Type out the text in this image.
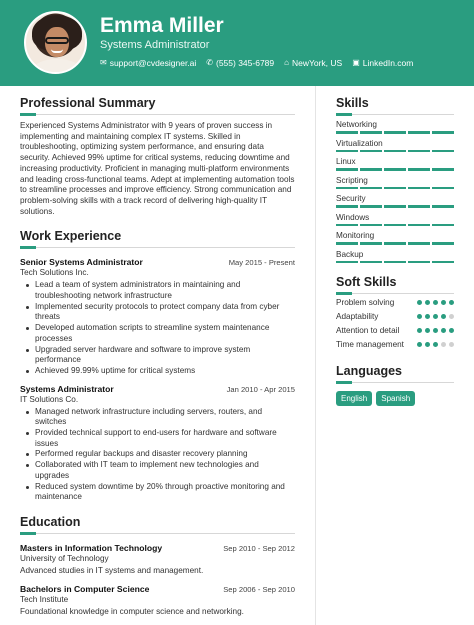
Emma Miller
Systems Administrator
✉ support@cvdesigner.ai ✆ (555) 345-6789 ⌂ NewYork, US ▣ LinkedIn.com
Professional Summary

Experienced Systems Administrator with 9 years of proven success in implementing and maintaining complex IT systems. Skilled in troubleshooting, optimizing system performance, and ensuring data security. Achieved 99% uptime for critical systems, reducing downtime and increasing productivity. Proficient in managing multi-platform environments and leading cross-functional teams. Adept at implementing automation tools to streamline processes and improve efficiency. Strong communication and problem-solving skills with a track record of delivering high-quality IT solutions.

Work Experience
Senior Systems Administrator	May 2015 - Present
Tech Solutions Inc.
Lead a team of system administrators in maintaining and troubleshooting network infrastructure
Implemented security protocols to protect company data from cyber threats
Developed automation scripts to streamline system maintenance processes
Upgraded server hardware and software to improve system performance
Achieved 99.99% uptime for critical systems
Systems Administrator	Jan 2010 - Apr 2015
IT Solutions Co.
Managed network infrastructure including servers, routers, and switches
Provided technical support to end-users for hardware and software issues
Performed regular backups and disaster recovery planning
Collaborated with IT team to implement new technologies and upgrades
Reduced system downtime by 20% through proactive monitoring and maintenance
Education
Masters in Information Technology	Sep 2010 - Sep 2012
University of Technology
Advanced studies in IT systems and management.
Bachelors in Computer Science	Sep 2006 - Sep 2010
Tech Institute
Foundational knowledge in computer science and networking.
Skills
Networking
Virtualization
Linux
Scripting
Security
Windows
Monitoring
Backup
Soft Skills
Problem solving
Adaptability
Attention to detail
Time management
Languages
English	Spanish
